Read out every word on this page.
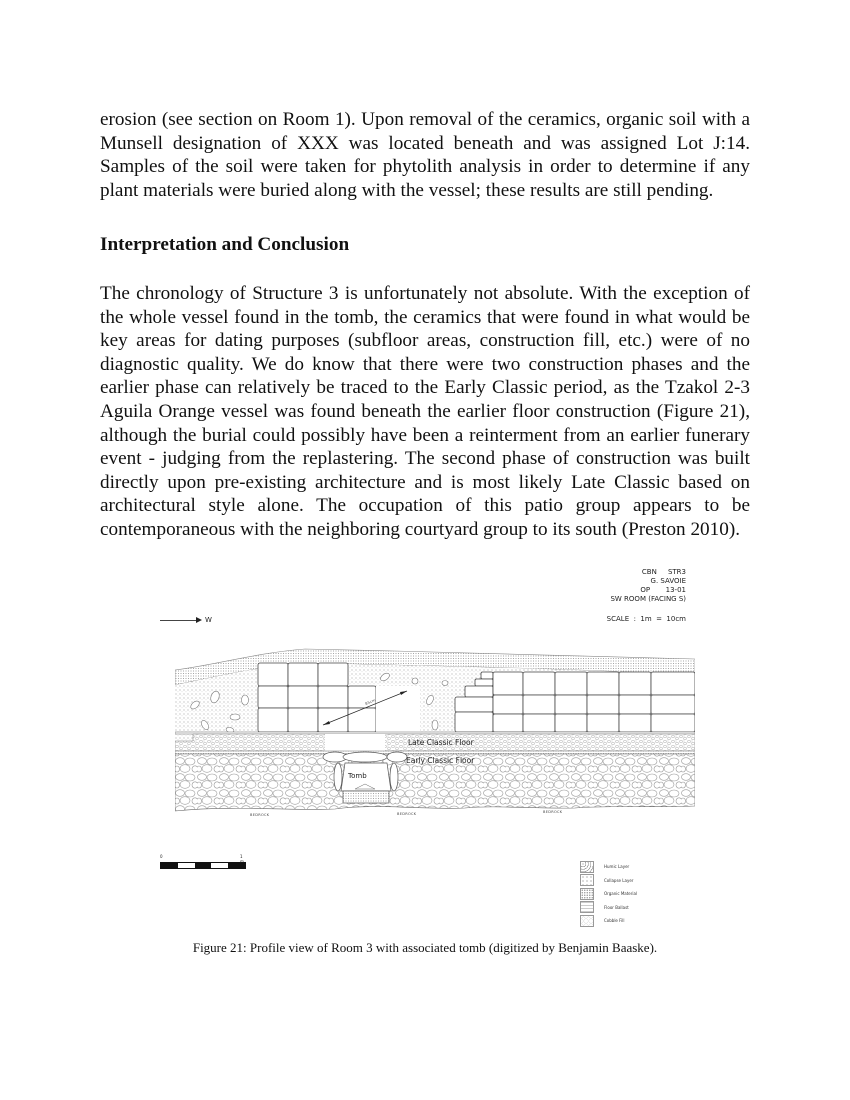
erosion (see section on Room 1). Upon removal of the ceramics, organic soil with a Munsell designation of XXX was located beneath and was assigned Lot J:14. Samples of the soil were taken for phytolith analysis in order to determine if any plant materials were buried along with the vessel; these results are still pending.

Interpretation and Conclusion

The chronology of Structure 3 is unfortunately not absolute. With the exception of the whole vessel found in the tomb, the ceramics that were found in what would be key areas for dating purposes (subfloor areas, construction fill, etc.) were of no diagnostic quality. We do know that there were two construction phases and the earlier phase can relatively be traced to the Early Classic period, as the Tzakol 2-3 Aguila Orange vessel was found beneath the earlier floor construction (Figure 21), although the burial could possibly have been a reinterment from an earlier funerary event - judging from the replastering. The second phase of construction was built directly upon pre-existing architecture and is most likely Late Classic based on architectural style alone. The occupation of this patio group appears to be contemporaneous with the neighboring courtyard group to its south (Preston 2010).

CBN     STR3
G. SAVOIE
OP       13-01
SW ROOM (FACING S)
SCALE  :  1m  =  10cm
W
Late Classic Floor
Early Classic Floor
Tomb
BEDROCK	BEDROCK	BEDROCK
85cm
0	1 m
Humic Layer
Collapse Layer
Organic Material
Floor Ballast
Cobble Fill

Figure 21: Profile view of Room 3 with associated tomb (digitized by Benjamin Baaske).
